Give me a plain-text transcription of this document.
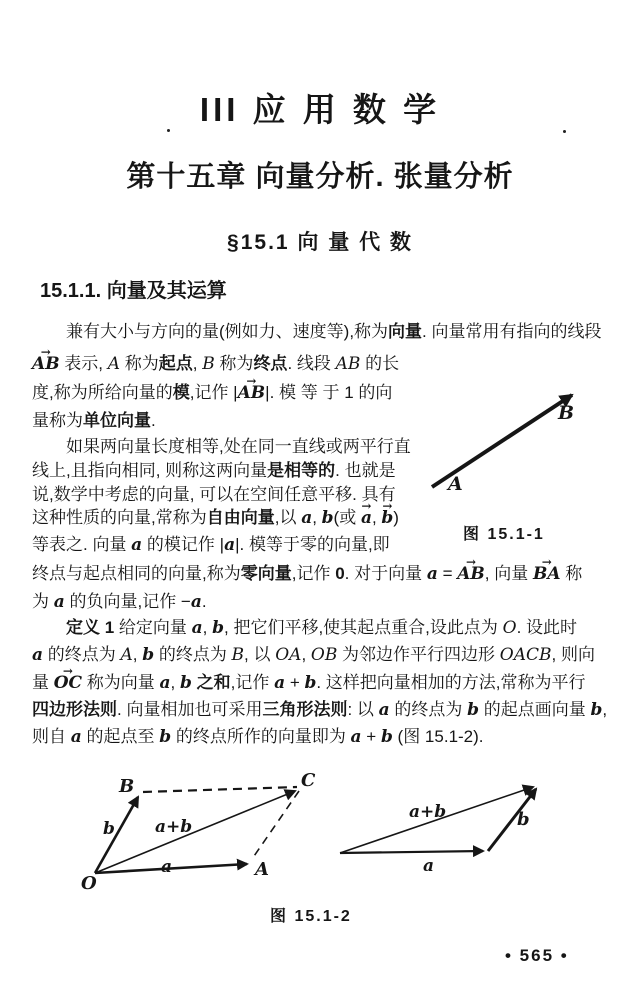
III 应 用 数 学
第十五章 向量分析. 张量分析
§15.1 向 量 代 数
15.1.1. 向量及其运算
兼有大小与方向的量(例如力、速度等),称为向量. 向量常用有指向的线段
→ AB 表示, A 称为起点, B 称为终点. 线段 AB 的长
度,称为所给向量的模,记作 |→ AB|. 模 等 于 1 的向
量称为单位向量.
如果两向量长度相等,处在同一直线或两平行直
线上,且指向相同, 则称这两向量是相等的. 也就是
说,数学中考虑的向量, 可以在空间任意平移. 具有
这种性质的向量,常称为自由向量,以 a, b(或 → a, → b)
等表之. 向量 a 的模记作 |a|. 模等于零的向量,即
终点与起点相同的向量,称为零向量,记作 0. 对于向量 a = → AB, 向量 → BA 称
为 a 的负向量,记作 −a.
定义 1 给定向量 a, b, 把它们平移,使其起点重合,设此点为 O. 设此时
a 的终点为 A, b 的终点为 B, 以 OA, OB 为邻边作平行四边形 OACB, 则向
量 → OC 称为向量 a, b 之和,记作 a + b. 这样把向量相加的方法,常称为平行
四边形法则. 向量相加也可采用三角形法则: 以 a 的终点为 b 的起点画向量 b,
则自 a 的起点至 b 的终点所作的向量即为 a + b (图 15.1-2).
B
A
图 15.1-1
O
A
B	C
b
a
a+b
a+b	b
a
图 15.1-2
• 565 •
